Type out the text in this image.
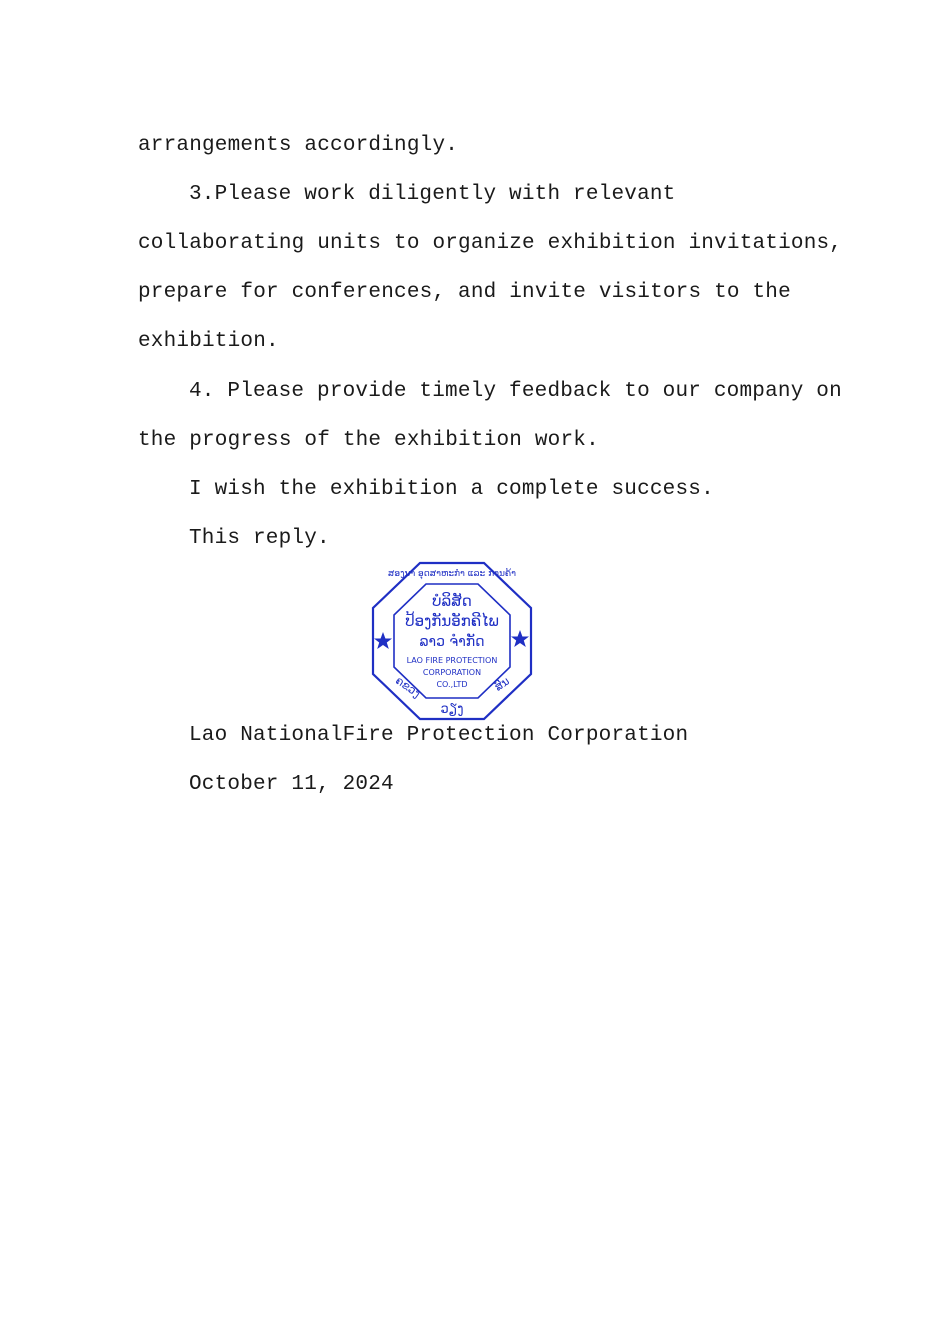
arrangements accordingly.
3.Please work diligently with relevant
collaborating units to organize exhibition invitations,
prepare for conferences, and invite visitors to the
exhibition.
4. Please provide timely feedback to our company on
the progress of the exhibition work.
I wish the exhibition a complete success.
This reply.
ສອງນາ ອຸດສາຫະກຳ ແລະ ການຄ້າ
ບໍລິສັດ
ປ້ອງກັນອັກຄີໄພ
ລາວ ຈຳກັດ
LAO FIRE PROTECTION
CORPORATION
CO.,LTD
ຄຂວງ
ວຽງ
ສົນ
Lao NationalFire Protection Corporation
October 11, 2024
